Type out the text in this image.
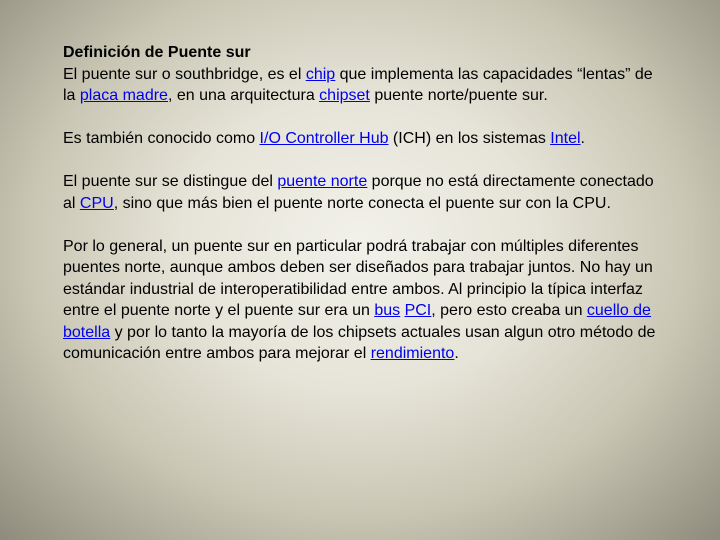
Definición de Puente sur
El puente sur o southbridge, es el chip que implementa las capacidades “lentas” de la placa madre, en una arquitectura chipset puente norte/puente sur.
Es también conocido como I/O Controller Hub (ICH) en los sistemas Intel.
El puente sur se distingue del puente norte porque no está directamente conectado al CPU, sino que más bien el puente norte conecta el puente sur con la CPU.
Por lo general, un puente sur en particular podrá trabajar con múltiples diferentes puentes norte, aunque ambos deben ser diseñados para trabajar juntos. No hay un estándar industrial de interoperatibilidad entre ambos. Al principio la típica interfaz entre el puente norte y el puente sur era un bus PCI, pero esto creaba un cuello de botella y por lo tanto la mayoría de los chipsets actuales usan algun otro método de comunicación entre ambos para mejorar el rendimiento.
